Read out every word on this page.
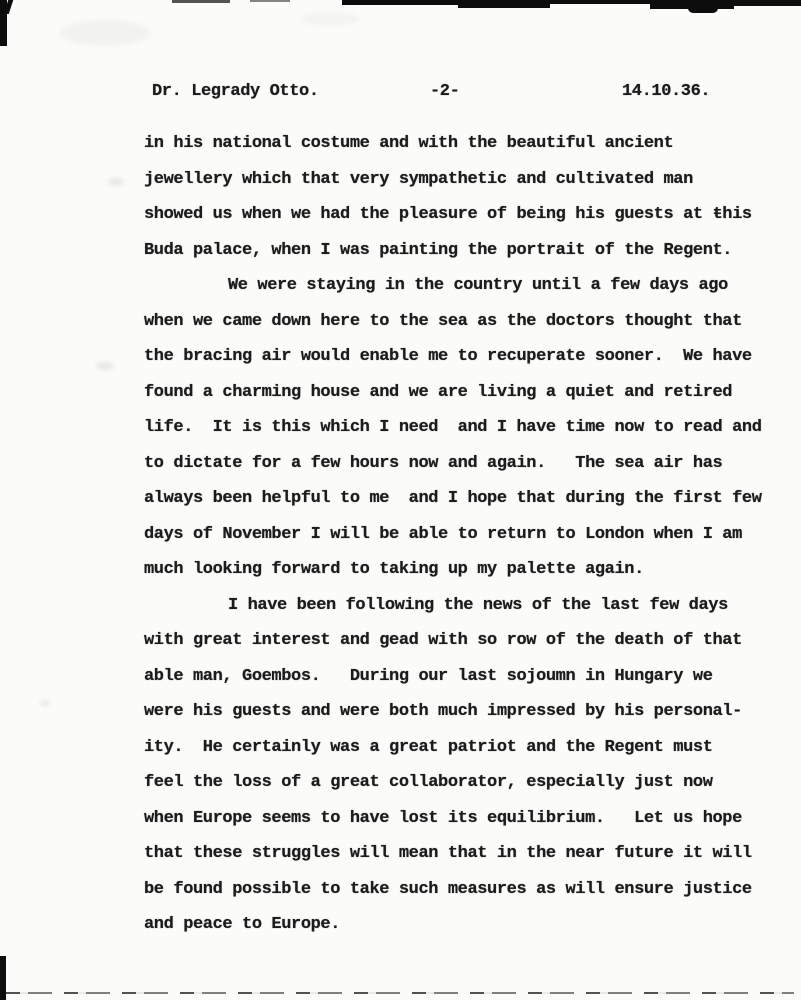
Dr. Legrady Otto.	-2-	14.10.36.
in his national costume and with the beautiful ancient
jewellery which that very sympathetic and cultivated man
showed us when we had the pleasure of being his guests at ŧhis
Buda palace, when I was painting the portrait of the Regent.
We were staying in the country until a few days ago
when we came down here to the sea as the doctors thought that
the bracing air would enable me to recuperate sooner.  We have
found a charming house and we are living a quiet and retired
life.  It is this which I need  and I have time now to read and
to dictate for a few hours now and again.   The sea air has
always been helpful to me  and I hope that during the first few
days of November I will be able to return to London when I am
much looking forward to taking up my palette again.
I have been following the news of the last few days
with great interest and gead with so row of the death of that
able man, Goembos.   During our last sojoumn in Hungary we
were his guests and were both much impressed by his personal-
ity.  He certainly was a great patriot and the Regent must
feel the loss of a great collaborator, especially just now
when Europe seems to have lost its equilibrium.   Let us hope
that these struggles will mean that in the near future it will
be found possible to take such measures as will ensure justice
and peace to Europe.
